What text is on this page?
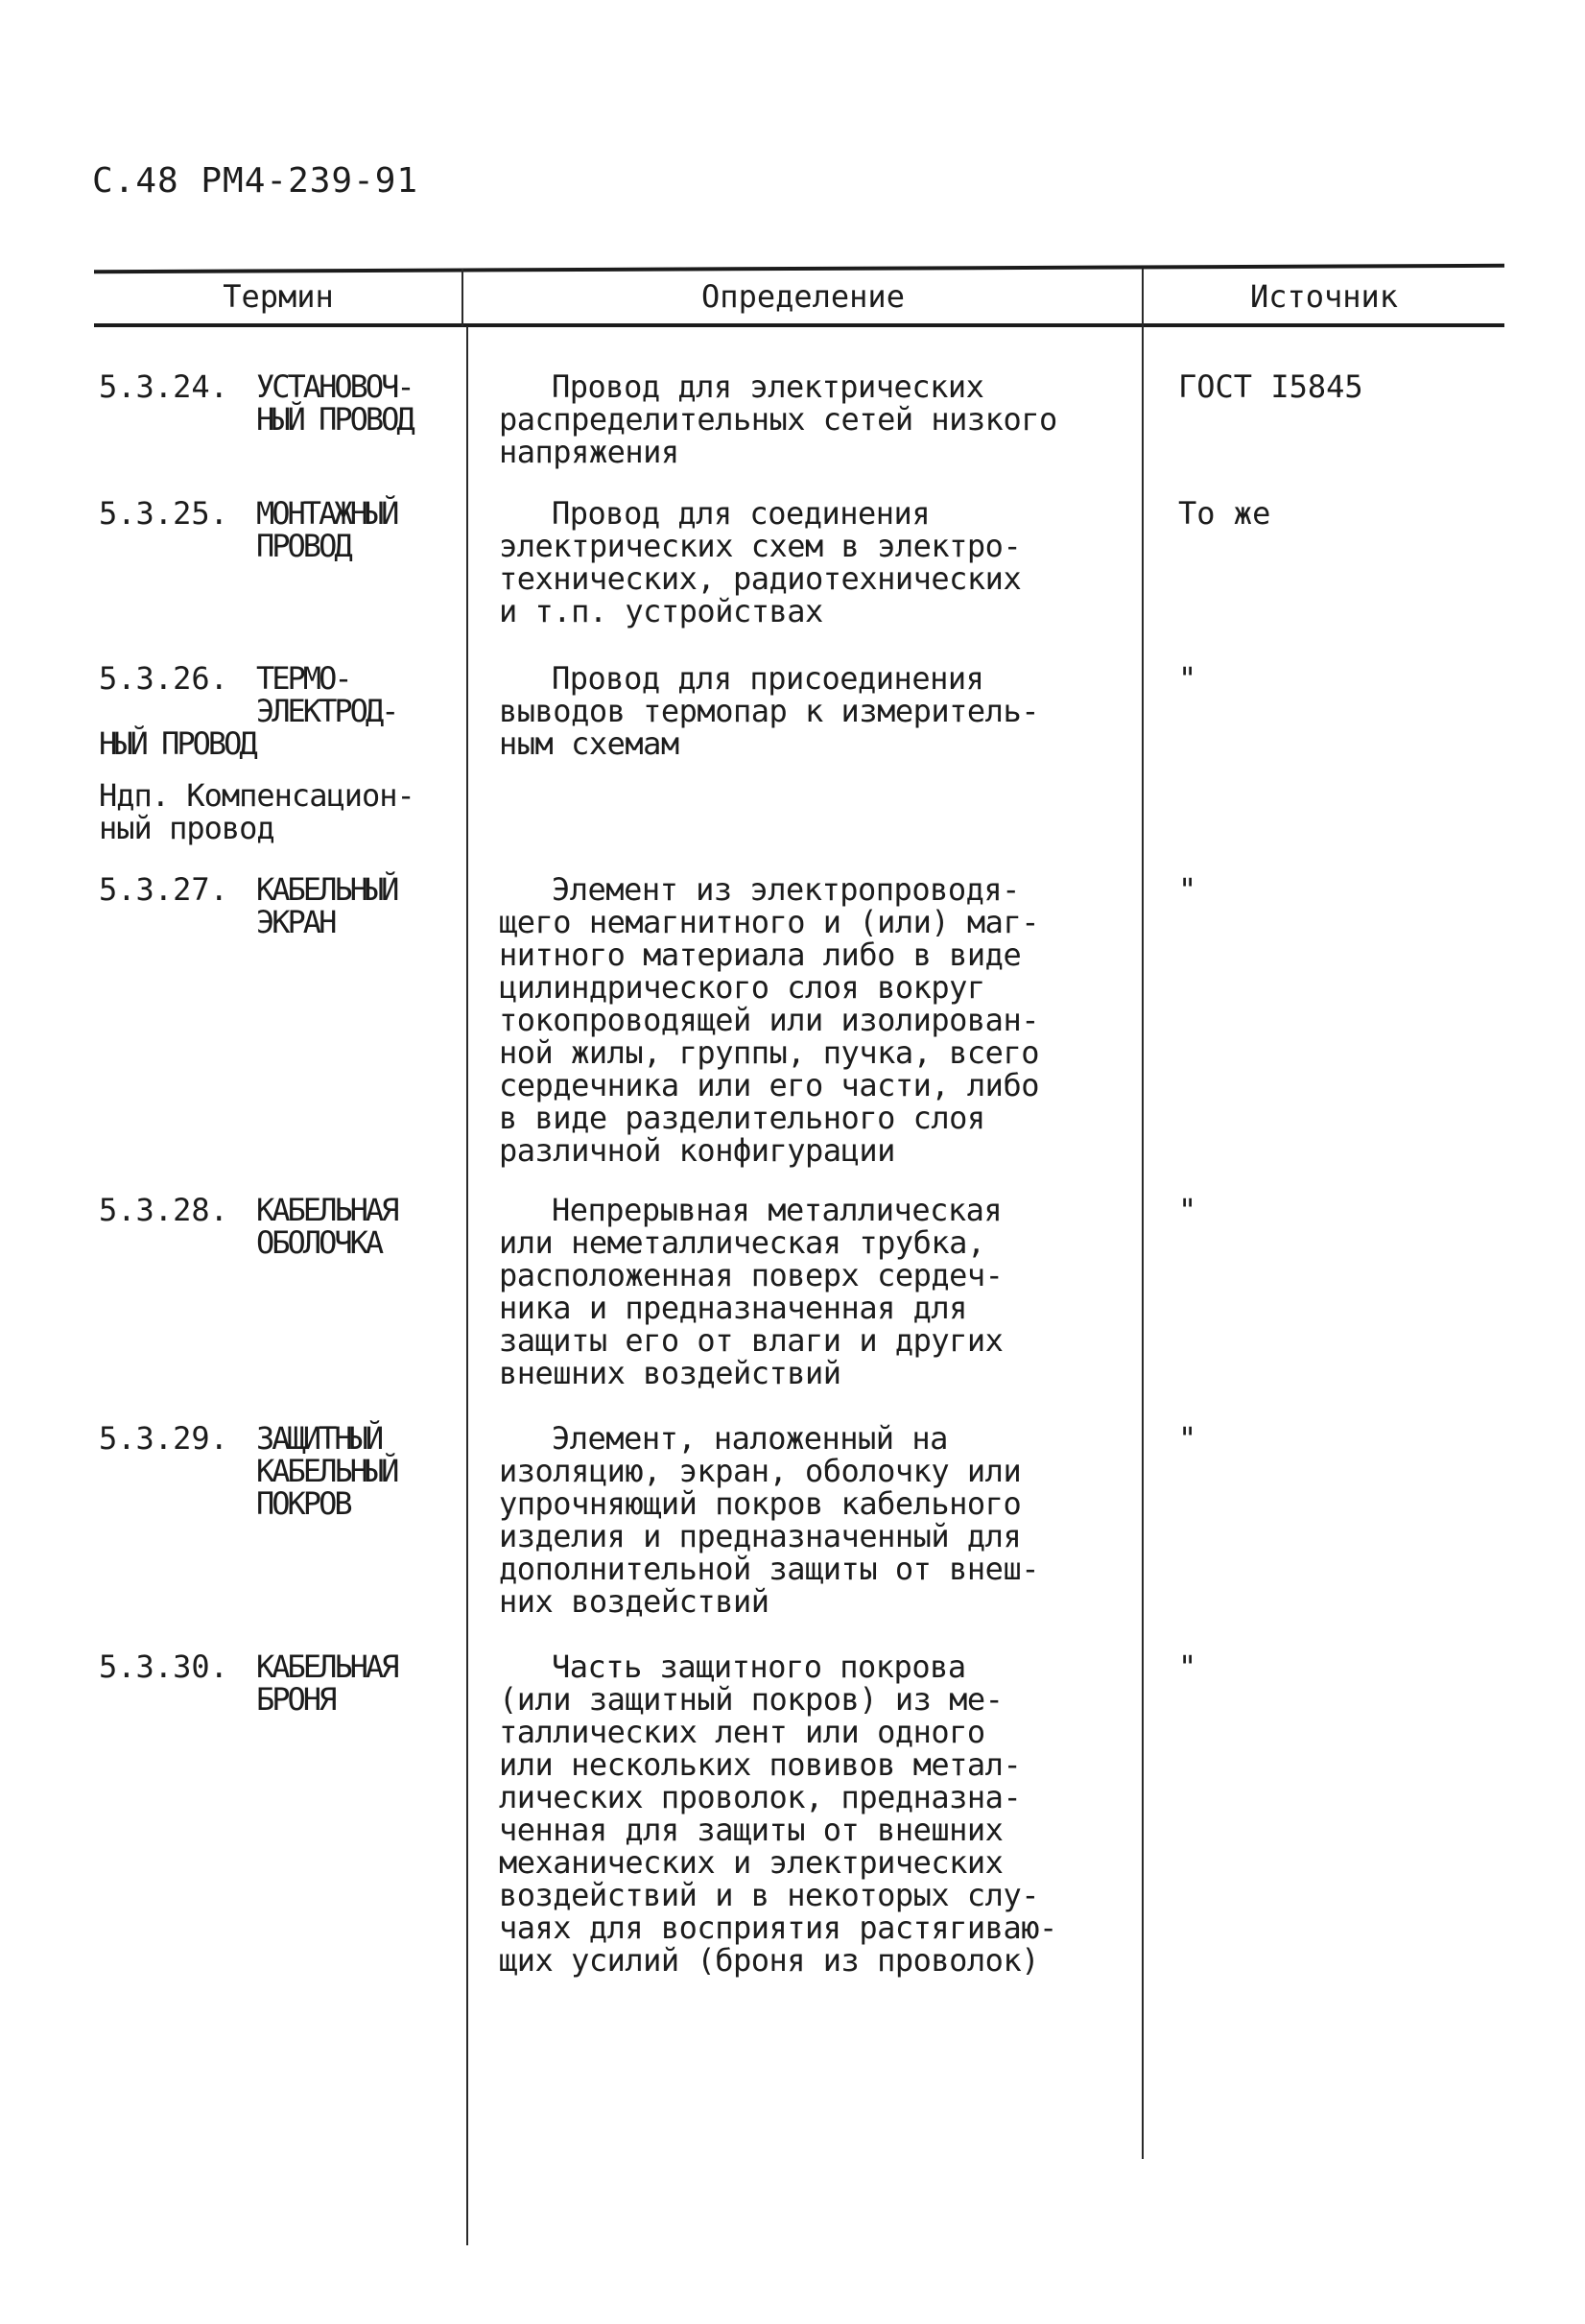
С.48 РМ4-239-91
Термин	Определение	Источник
5.3.24. УСТАНОВОЧ-
НЫЙ ПРОВОД
Провод для электрических
распределительных сетей низкого
напряжения
ГОСТ I5845
5.3.25. МОНТАЖНЫЙ
ПРОВОД
Провод для соединения
электрических схем в электро-
технических, радиотехнических
и т.п. устройствах
То же
5.3.26. ТЕРМО-
ЭЛЕКТРОД-
НЫЙ ПРОВОД
Ндп. Компенсацион-
ный провод
Провод для присоединения
выводов термопар к измеритель-
ным схемам
"
5.3.27. КАБЕЛЬНЫЙ
ЭКРАН
Элемент из электропроводя-
щего немагнитного и (или) маг-
нитного материала либо в виде
цилиндрического слоя вокруг
токопроводящей или изолирован-
ной жилы, группы, пучка, всего
сердечника или его части, либо
в виде разделительного слоя
различной конфигурации
"
5.3.28. КАБЕЛЬНАЯ
ОБОЛОЧКА
Непрерывная металлическая
или неметаллическая трубка,
расположенная поверх сердеч-
ника и предназначенная для
защиты его от влаги и других
внешних воздействий
"
5.3.29. ЗАЩИТНЫЙ
КАБЕЛЬНЫЙ
ПОКРОВ
Элемент, наложенный на
изоляцию, экран, оболочку или
упрочняющий покров кабельного
изделия и предназначенный для
дополнительной защиты от внеш-
них воздействий
"
5.3.30. КАБЕЛЬНАЯ
БРОНЯ
Часть защитного покрова
(или защитный покров) из ме-
таллических лент или одного
или нескольких повивов метал-
лических проволок, предназна-
ченная для защиты от внешних
механических и электрических
воздействий и в некоторых слу-
чаях для восприятия растягиваю-
щих усилий (броня из проволок)
"
